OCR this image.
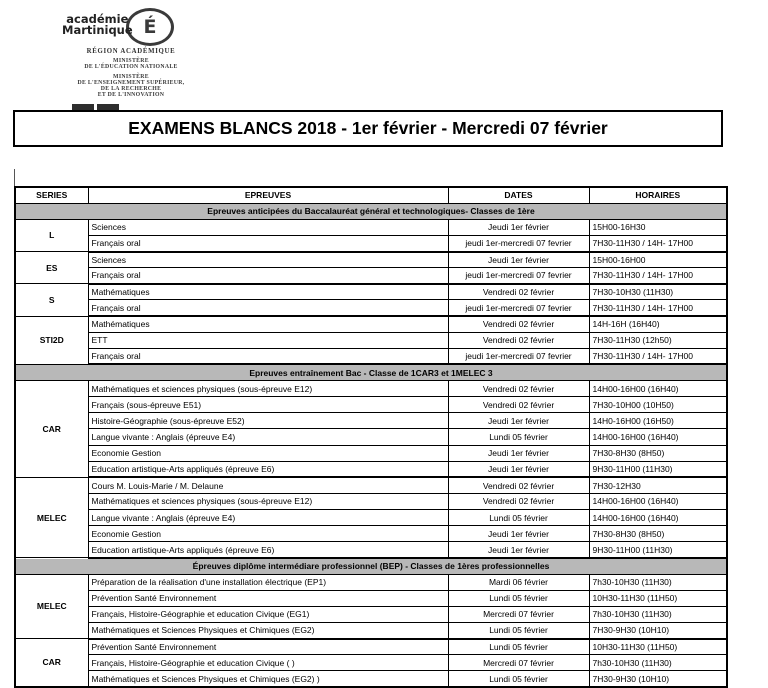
académie
Martinique É
RÉGION ACADÉMIQUE
MINISTÈRE
DE L'ÉDUCATION NATIONALE
MINISTÈRE
DE L'ENSEIGNEMENT SUPÉRIEUR,
DE LA RECHERCHE
ET DE L'INNOVATION
EXAMENS BLANCS 2018 - 1er février - Mercredi 07 février
SERIES	EPREUVES	DATES	HORAIRES
Epreuves anticipées du Baccalauréat général et technologiques- Classes de 1ère			
L	Sciences	Jeudi 1er février	15H00-16H30
	Français oral	jeudi 1er-mercredi 07 fevrier	7H30-11H30 / 14H- 17H00
ES	Sciences	Jeudi 1er février	15H00-16H00
	Français oral	jeudi 1er-mercredi 07 fevrier	7H30-11H30 / 14H- 17H00
S	Mathématiques	Vendredi 02 février	7H30-10H30 (11H30)
	Français oral	jeudi 1er-mercredi 07 fevrier	7H30-11H30 / 14H- 17H00
STI2D	Mathématiques	Vendredi 02 février	14H-16H (16H40)
	ETT	Vendredi 02 février	7H30-11H30 (12h50)
	Français oral	jeudi 1er-mercredi 07 fevrier	7H30-11H30 / 14H- 17H00
Epreuves entraînement Bac - Classe de 1CAR3 et 1MELEC 3			
CAR	Mathématiques et sciences physiques (sous-épreuve E12)	Vendredi 02 février	14H00-16H00 (16H40)
	Français (sous-épreuve E51)	Vendredi 02 février	7H30-10H00 (10H50)
	Histoire-Géographie (sous-épreuve E52)	Jeudi 1er février	14H0-16H00 (16H50)
	Langue vivante : Anglais (épreuve E4)	Lundi 05 février	14H00-16H00 (16H40)
	Economie Gestion	Jeudi 1er février	7H30-8H30 (8H50)
	Education artistique-Arts appliqués (épreuve E6)	Jeudi 1er février	9H30-11H00 (11H30)
MELEC	Cours M. Louis-Marie / M. Delaune	Vendredi 02 février	7H30-12H30
	Mathématiques et sciences physiques (sous-épreuve E12)	Vendredi 02 février	14H00-16H00 (16H40)
	Langue vivante : Anglais (épreuve E4)	Lundi 05 février	14H00-16H00 (16H40)
	Economie Gestion	Jeudi 1er février	7H30-8H30 (8H50)
	Education artistique-Arts appliqués (épreuve E6)	Jeudi 1er février	9H30-11H00 (11H30)
Épreuves diplôme intermédiare professionnel (BEP) - Classes de 1ères professionnelles			
MELEC	Préparation de la réalisation d'une installation électrique (EP1)	Mardi 06 février	7h30-10H30 (11H30)
	Prévention Santé Environnement	Lundi 05 février	10H30-11H30 (11H50)
	Français, Histoire-Géographie et education Civique (EG1)	Mercredi 07 février	7h30-10H30 (11H30)
	Mathématiques et Sciences Physiques et Chimiques (EG2)	Lundi 05 février	7H30-9H30 (10H10)
CAR	Prévention Santé Environnement	Lundi 05 février	10H30-11H30 (11H50)
	Français, Histoire-Géographie et education Civique ( )	Mercredi 07 février	7h30-10H30 (11H30)
	Mathématiques et Sciences Physiques et Chimiques (EG2) )	Lundi 05 février	7H30-9H30 (10H10)
